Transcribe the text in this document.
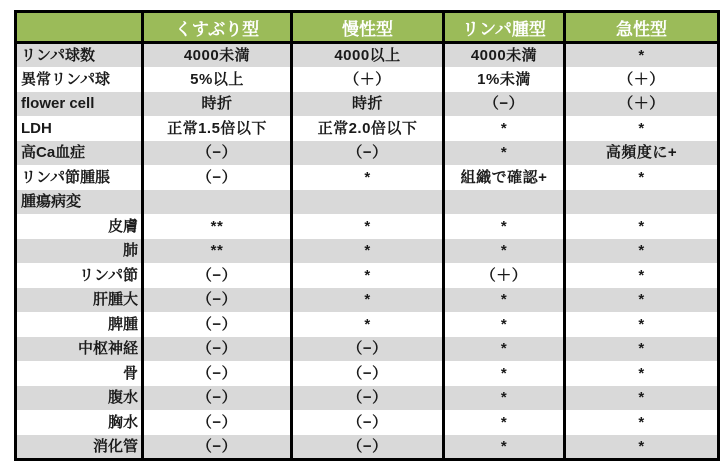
	くすぶり型	慢性型	リンパ腫型	急性型
リンパ球数	4000未満	4000以上	4000未満	*
異常リンパ球	5%以上	（＋）	1%未満	（＋）
flower cell	時折	時折	（−）	（＋）
LDH	正常1.5倍以下	正常2.0倍以下	*	*
高Ca血症	（−）	（−）	*	高頻度に+
リンパ節腫脹	（−）	*	組織で確認+	*
腫瘍病変				
皮膚	**	*	*	*
肺	**	*	*	*
リンパ節	（−）	*	（＋）	*
肝腫大	（−）	*	*	*
脾腫	（−）	*	*	*
中枢神経	（−）	（−）	*	*
骨	（−）	（−）	*	*
腹水	（−）	（−）	*	*
胸水	（−）	（−）	*	*
消化管	（−）	（−）	*	*
